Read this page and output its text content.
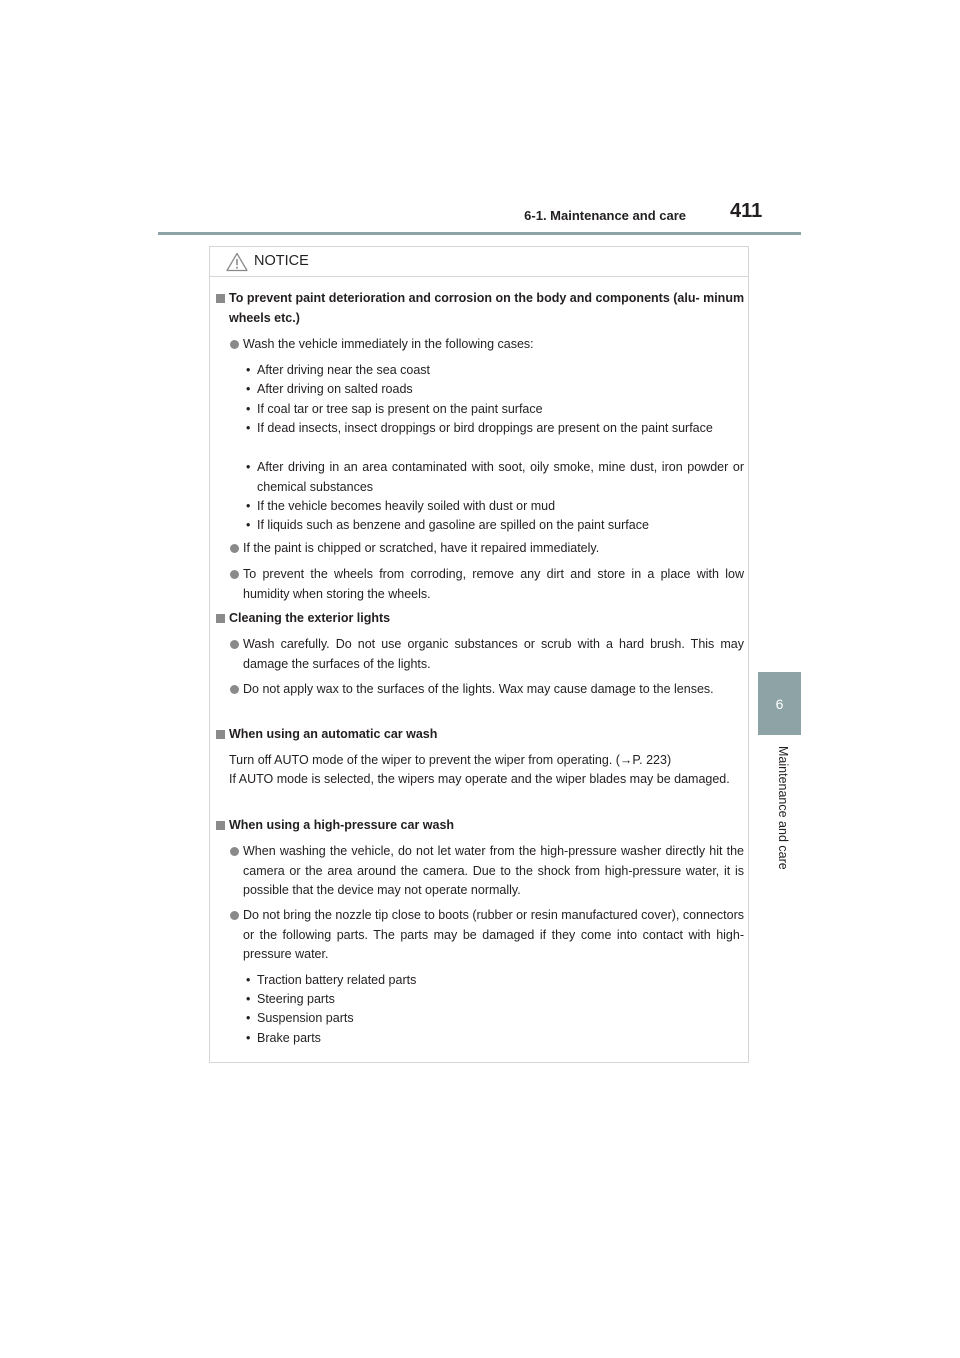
6-1. Maintenance and care 411
6
Maintenance and care
NOTICE
To prevent paint deterioration and corrosion on the body and components (alu- minum wheels etc.)
Wash the vehicle immediately in the following cases:
• After driving near the sea coast
• After driving on salted roads
• If coal tar or tree sap is present on the paint surface
• If dead insects, insect droppings or bird droppings are present on the paint surface
• After driving in an area contaminated with soot, oily smoke, mine dust, iron powder or chemical substances
• If the vehicle becomes heavily soiled with dust or mud
• If liquids such as benzene and gasoline are spilled on the paint surface
If the paint is chipped or scratched, have it repaired immediately.
To prevent the wheels from corroding, remove any dirt and store in a place with low humidity when storing the wheels.
Cleaning the exterior lights
Wash carefully. Do not use organic substances or scrub with a hard brush. This may damage the surfaces of the lights.
Do not apply wax to the surfaces of the lights. Wax may cause damage to the lenses.
When using an automatic car wash
Turn off AUTO mode of the wiper to prevent the wiper from operating. (→P. 223)
If AUTO mode is selected, the wipers may operate and the wiper blades may be damaged.
When using a high-pressure car wash
When washing the vehicle, do not let water from the high-pressure washer directly hit the camera or the area around the camera. Due to the shock from high-pressure water, it is possible that the device may not operate normally.
Do not bring the nozzle tip close to boots (rubber or resin manufactured cover), connectors or the following parts. The parts may be damaged if they come into contact with high-pressure water.
• Traction battery related parts
• Steering parts
• Suspension parts
• Brake parts
